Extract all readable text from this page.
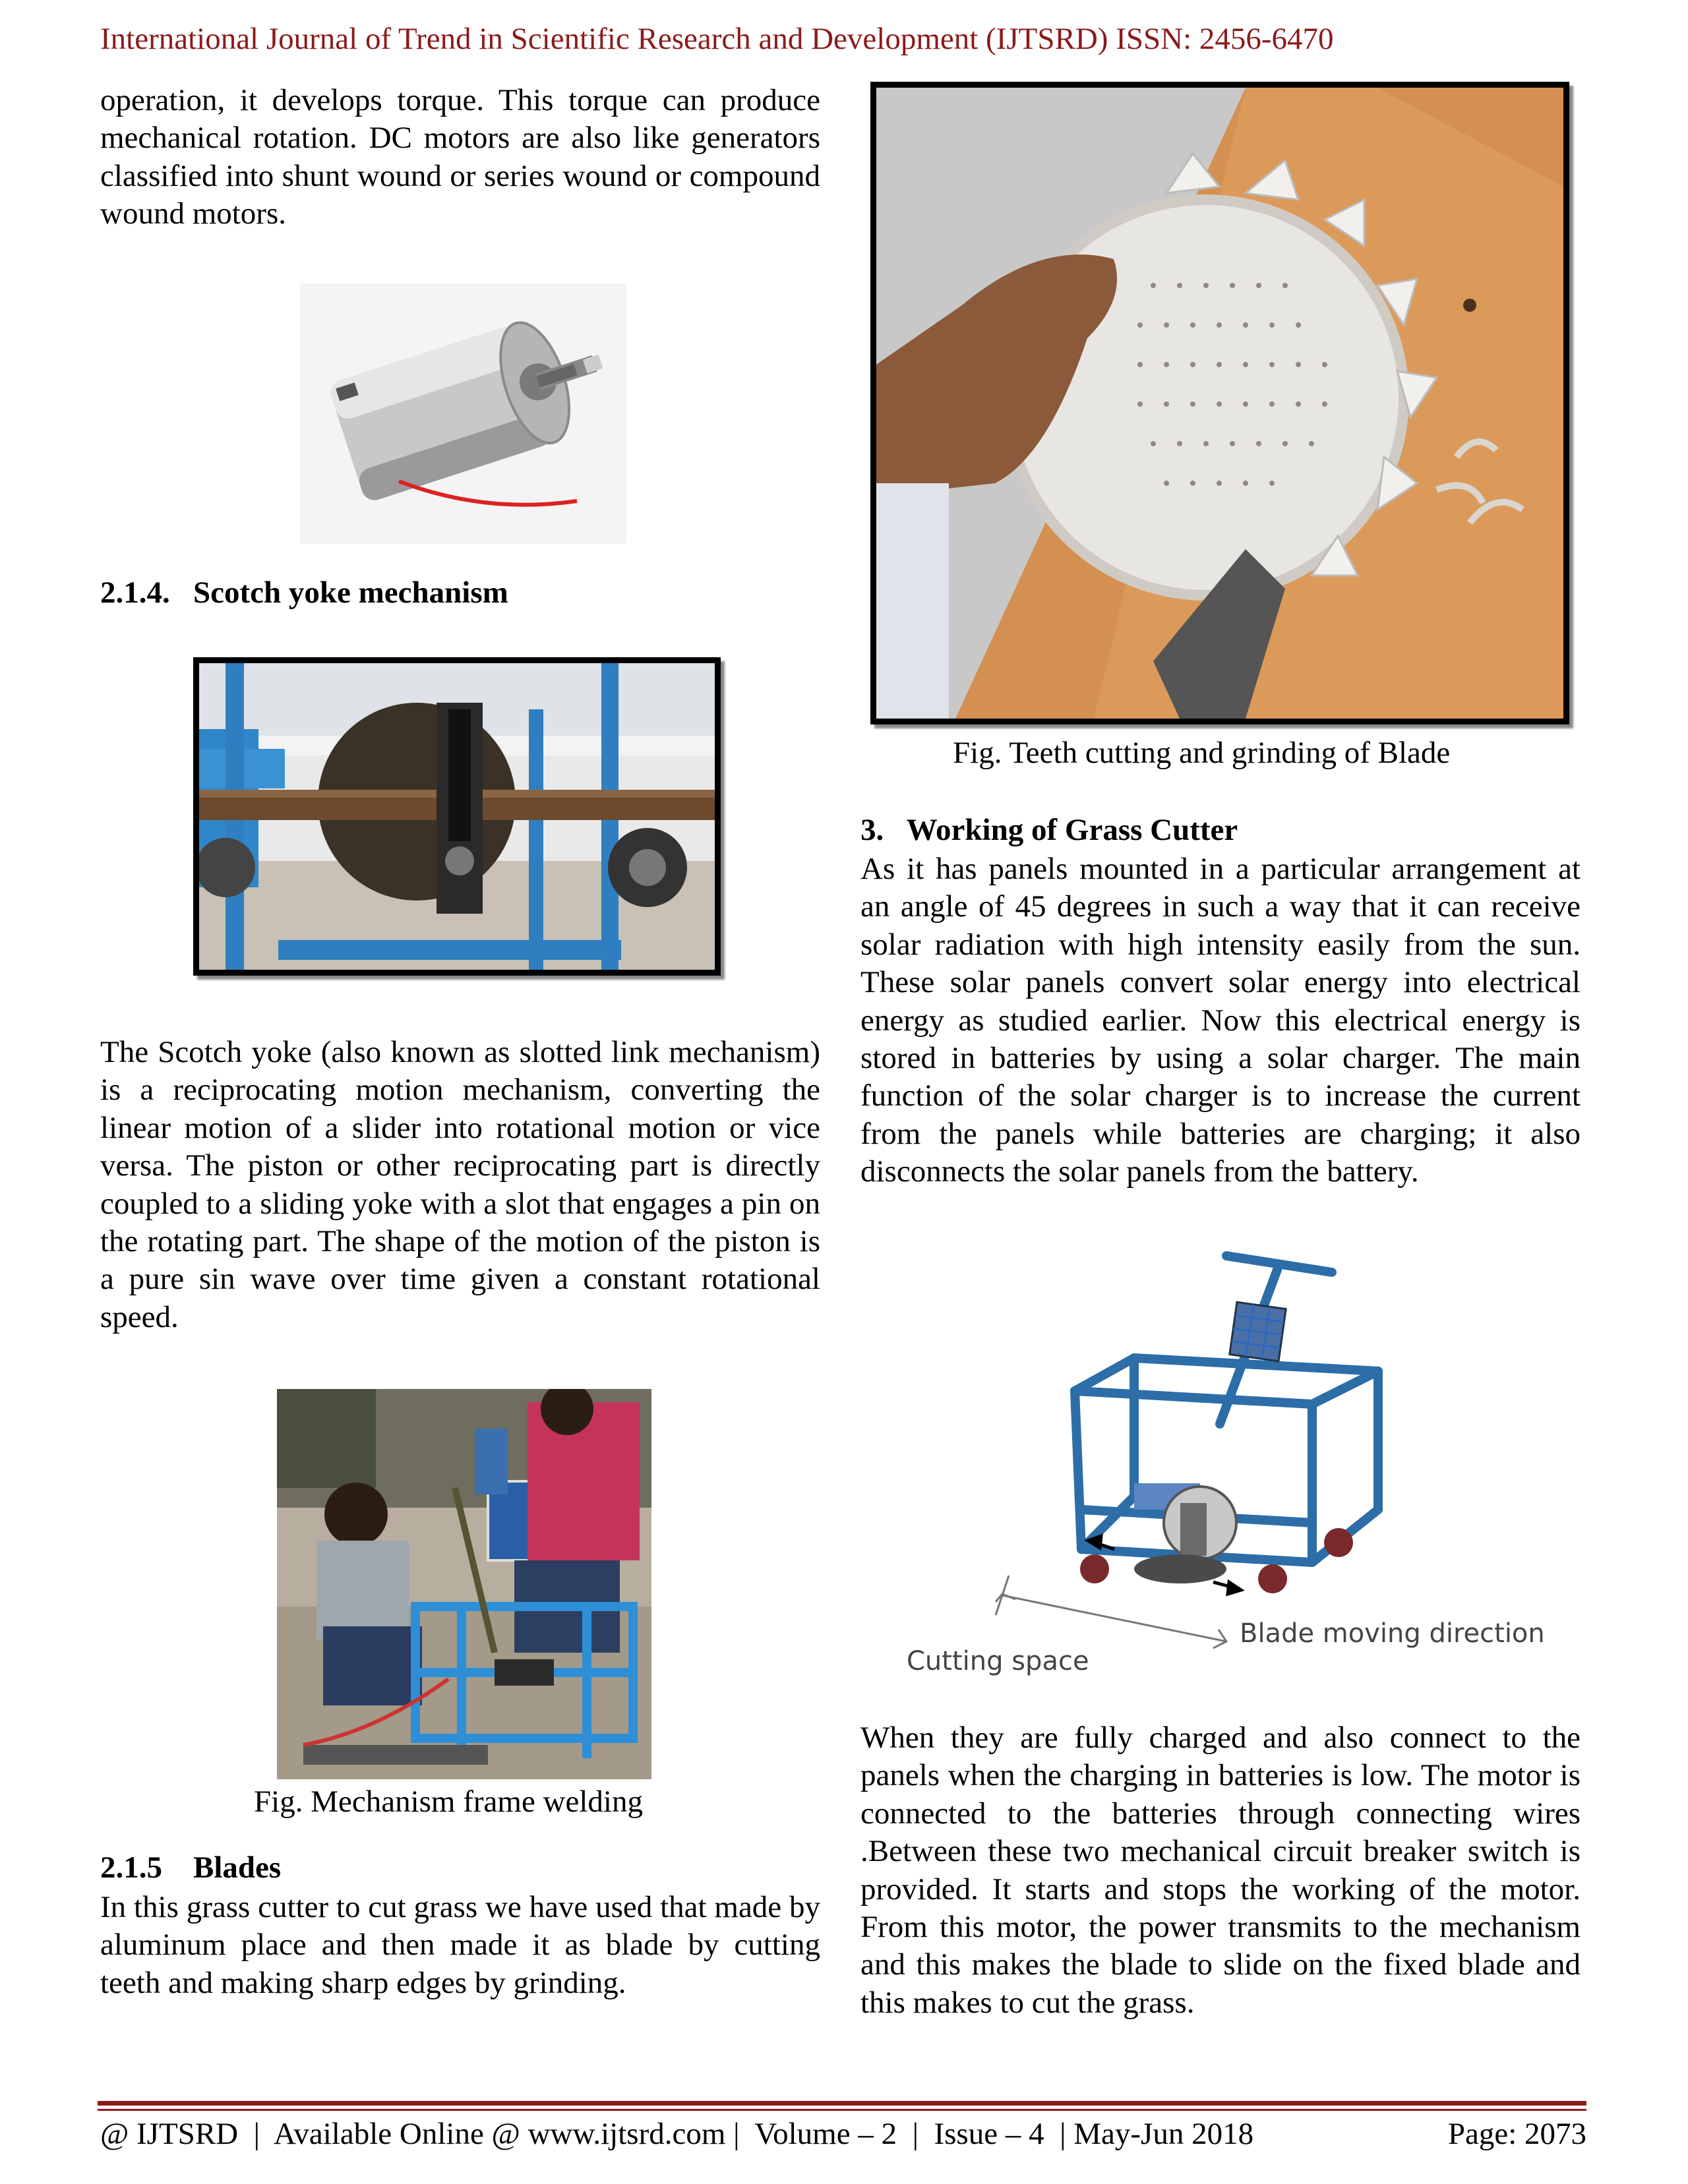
International Journal of Trend in Scientific Research and Development (IJTSRD) ISSN: 2456-6470
operation, it develops torque. This torque can produce mechanical rotation. DC motors are also like generators classified into shunt wound or series wound or compound wound motors.
2.1.4.   Scotch yoke mechanism
The Scotch yoke (also known as slotted link mechanism) is a reciprocating motion mechanism, converting the linear motion of a slider into rotational motion or vice versa. The piston or other reciprocating part is directly coupled to a sliding yoke with a slot that engages a pin on the rotating part. The shape of the motion of the piston is a pure sin wave over time given a constant rotational speed.
Fig. Mechanism frame welding
2.1.5    Blades
In this grass cutter to cut grass we have used that made by aluminum place and then made it as blade by cutting teeth and making sharp edges by grinding.
Fig. Teeth cutting and grinding of Blade
3.   Working of Grass Cutter
As it has panels mounted in a particular arrangement at an angle of 45 degrees in such a way that it can receive solar radiation with high intensity easily from the sun. These solar panels convert solar energy into electrical energy as studied earlier. Now this electrical energy is stored in batteries by using a solar charger. The main function of the solar charger is to increase the current from the panels while batteries are charging; it also disconnects the solar panels from the battery.
Blade moving direction
Cutting space
When they are fully charged and also connect to the panels when the charging in batteries is low. The motor is connected to the batteries through connecting wires .Between these two mechanical circuit breaker switch is provided. It starts and stops the working of the motor. From this motor, the power transmits to the mechanism and this makes the blade to slide on the fixed blade and this makes to cut the grass.
@ IJTSRD  |  Available Online @ www.ijtsrd.com |  Volume – 2  |  Issue – 4  | May-Jun 2018	Page: 2073
